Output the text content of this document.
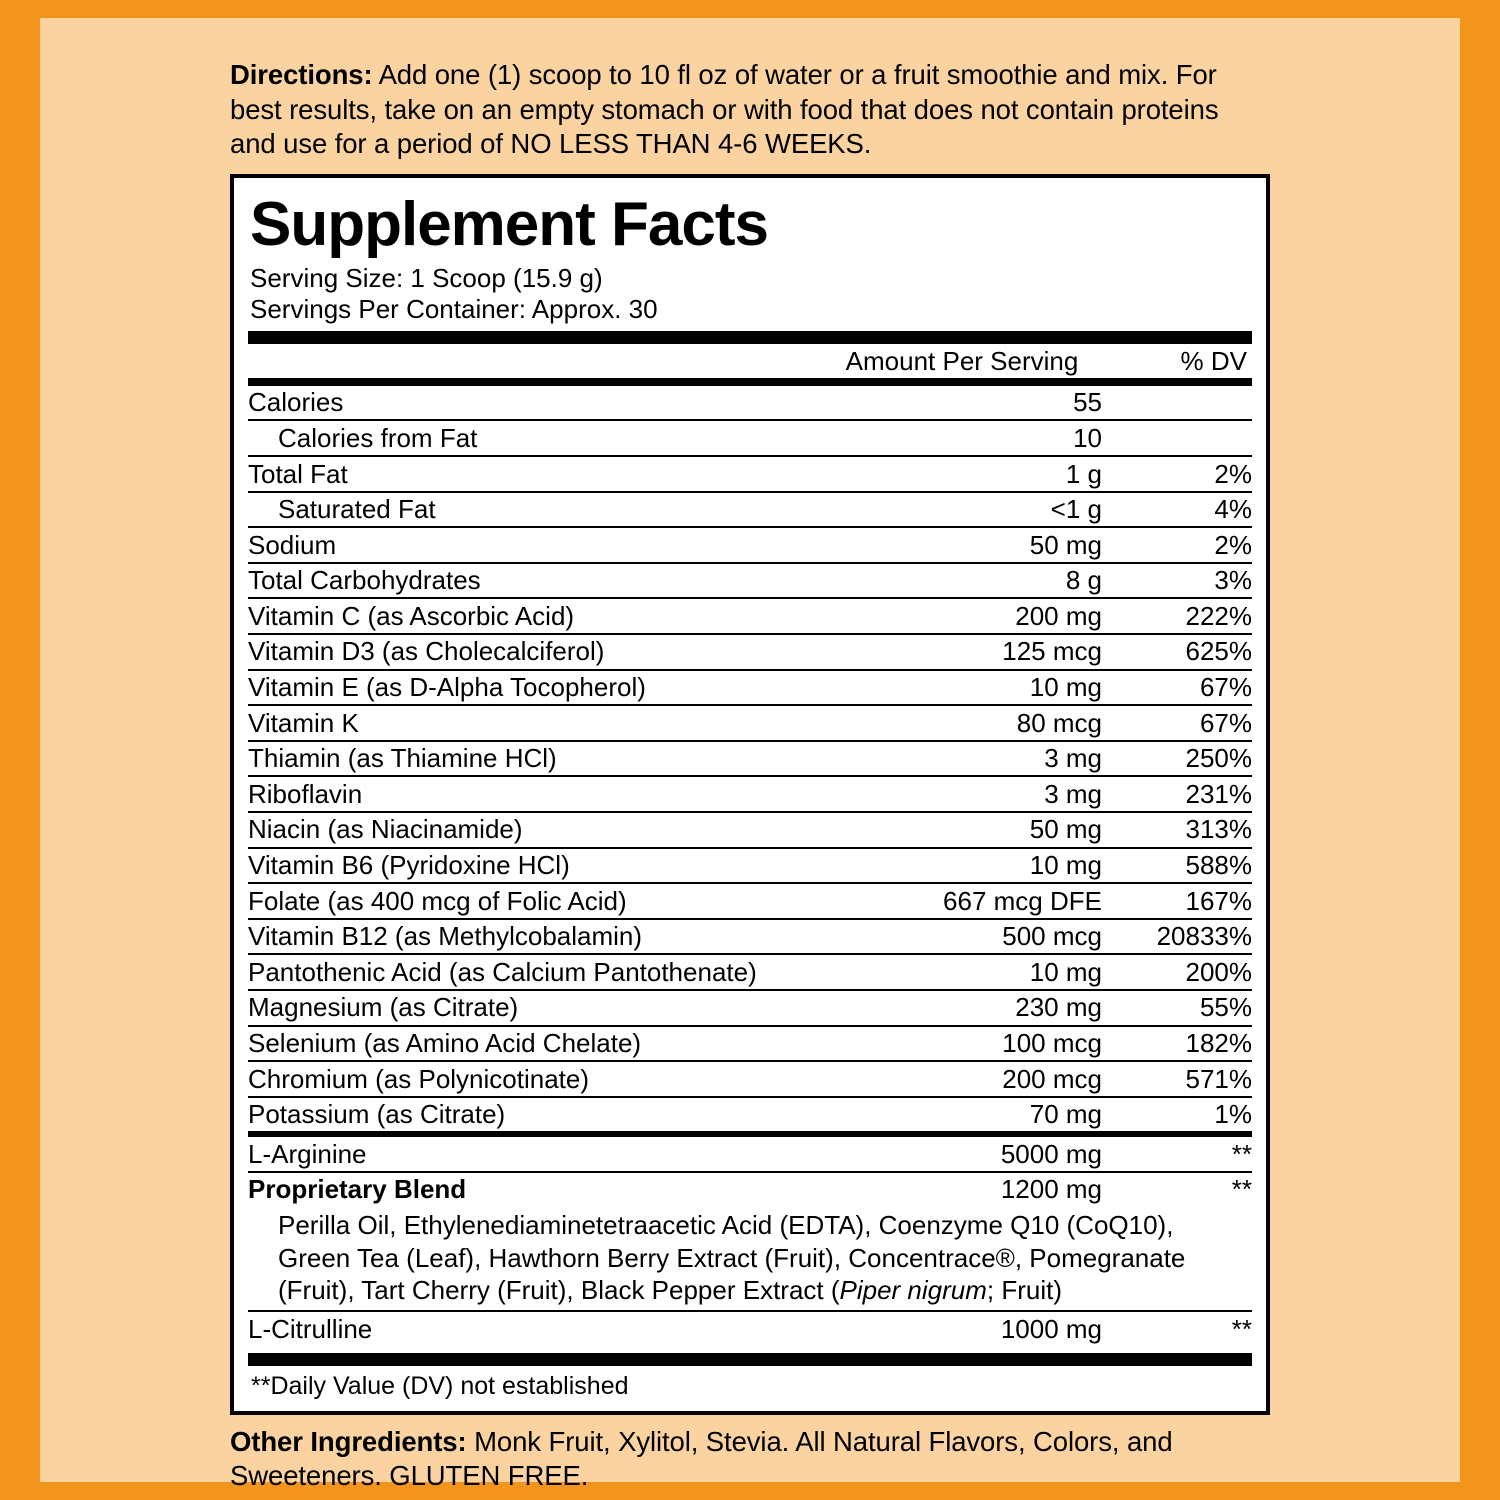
Directions: Add one (1) scoop to 10 fl oz of water or a fruit smoothie and mix. For best results, take on an empty stomach or with food that does not contain proteins and use for a period of NO LESS THAN 4-6 WEEKS.
Supplement Facts
Serving Size: 1 Scoop (15.9 g)
Servings Per Container: Approx. 30
	Amount Per Serving	% DV
Calories	55	
Calories from Fat	10	
Total Fat	1 g	2%
Saturated Fat	<1 g	4%
Sodium	50 mg	2%
Total Carbohydrates	8 g	3%
Vitamin C (as Ascorbic Acid)	200 mg	222%
Vitamin D3 (as Cholecalciferol)	125 mcg	625%
Vitamin E (as D-Alpha Tocopherol)	10 mg	67%
Vitamin K	80 mcg	67%
Thiamin (as Thiamine HCl)	3 mg	250%
Riboflavin	3 mg	231%
Niacin (as Niacinamide)	50 mg	313%
Vitamin B6 (Pyridoxine HCl)	10 mg	588%
Folate (as 400 mcg of Folic Acid)	667 mcg DFE	167%
Vitamin B12 (as Methylcobalamin)	500 mcg	20833%
Pantothenic Acid (as Calcium Pantothenate)	10 mg	200%
Magnesium (as Citrate)	230 mg	55%
Selenium (as Amino Acid Chelate)	100 mcg	182%
Chromium (as Polynicotinate)	200 mcg	571%
Potassium (as Citrate)	70 mg	1%
L-Arginine	5000 mg	**
Proprietary Blend	1200 mg	**
Perilla Oil, Ethylenediaminetetraacetic Acid (EDTA), Coenzyme Q10 (CoQ10), Green Tea (Leaf), Hawthorn Berry Extract (Fruit), Concentrace®, Pomegranate (Fruit), Tart Cherry (Fruit), Black Pepper Extract (Piper nigrum; Fruit)
L-Citrulline	1000 mg	**
**Daily Value (DV) not established
Other Ingredients: Monk Fruit, Xylitol, Stevia. All Natural Flavors, Colors, and Sweeteners. GLUTEN FREE.
